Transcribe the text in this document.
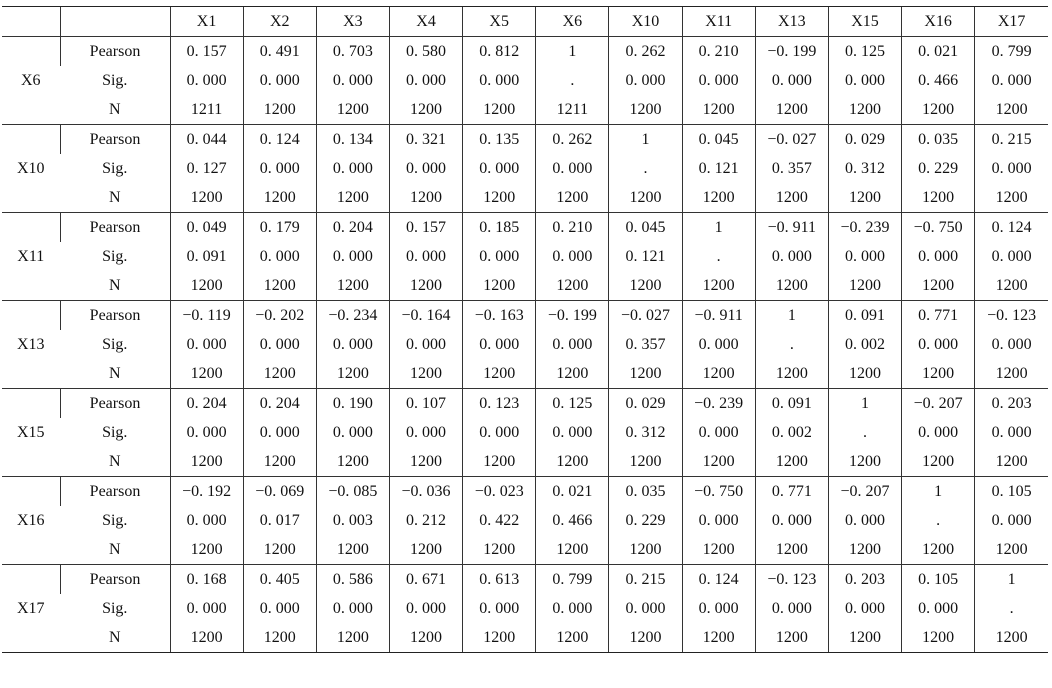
		X1	X2	X3	X4	X5	X6	X10	X11	X13	X15	X16	X17
X6	Pearson	0. 157	0. 491	0. 703	0. 580	0. 812	1	0. 262	0. 210	−0. 199	0. 125	0. 021	0. 799
	Sig.	0. 000	0. 000	0. 000	0. 000	0. 000	.	0. 000	0. 000	0. 000	0. 000	0. 466	0. 000
	N	1211	1200	1200	1200	1200	1211	1200	1200	1200	1200	1200	1200
X10	Pearson	0. 044	0. 124	0. 134	0. 321	0. 135	0. 262	1	0. 045	−0. 027	0. 029	0. 035	0. 215
	Sig.	0. 127	0. 000	0. 000	0. 000	0. 000	0. 000	.	0. 121	0. 357	0. 312	0. 229	0. 000
	N	1200	1200	1200	1200	1200	1200	1200	1200	1200	1200	1200	1200
X11	Pearson	0. 049	0. 179	0. 204	0. 157	0. 185	0. 210	0. 045	1	−0. 911	−0. 239	−0. 750	0. 124
	Sig.	0. 091	0. 000	0. 000	0. 000	0. 000	0. 000	0. 121	.	0. 000	0. 000	0. 000	0. 000
	N	1200	1200	1200	1200	1200	1200	1200	1200	1200	1200	1200	1200
X13	Pearson	−0. 119	−0. 202	−0. 234	−0. 164	−0. 163	−0. 199	−0. 027	−0. 911	1	0. 091	0. 771	−0. 123
	Sig.	0. 000	0. 000	0. 000	0. 000	0. 000	0. 000	0. 357	0. 000	.	0. 002	0. 000	0. 000
	N	1200	1200	1200	1200	1200	1200	1200	1200	1200	1200	1200	1200
X15	Pearson	0. 204	0. 204	0. 190	0. 107	0. 123	0. 125	0. 029	−0. 239	0. 091	1	−0. 207	0. 203
	Sig.	0. 000	0. 000	0. 000	0. 000	0. 000	0. 000	0. 312	0. 000	0. 002	.	0. 000	0. 000
	N	1200	1200	1200	1200	1200	1200	1200	1200	1200	1200	1200	1200
X16	Pearson	−0. 192	−0. 069	−0. 085	−0. 036	−0. 023	0. 021	0. 035	−0. 750	0. 771	−0. 207	1	0. 105
	Sig.	0. 000	0. 017	0. 003	0. 212	0. 422	0. 466	0. 229	0. 000	0. 000	0. 000	.	0. 000
	N	1200	1200	1200	1200	1200	1200	1200	1200	1200	1200	1200	1200
X17	Pearson	0. 168	0. 405	0. 586	0. 671	0. 613	0. 799	0. 215	0. 124	−0. 123	0. 203	0. 105	1
	Sig.	0. 000	0. 000	0. 000	0. 000	0. 000	0. 000	0. 000	0. 000	0. 000	0. 000	0. 000	.
	N	1200	1200	1200	1200	1200	1200	1200	1200	1200	1200	1200	1200
